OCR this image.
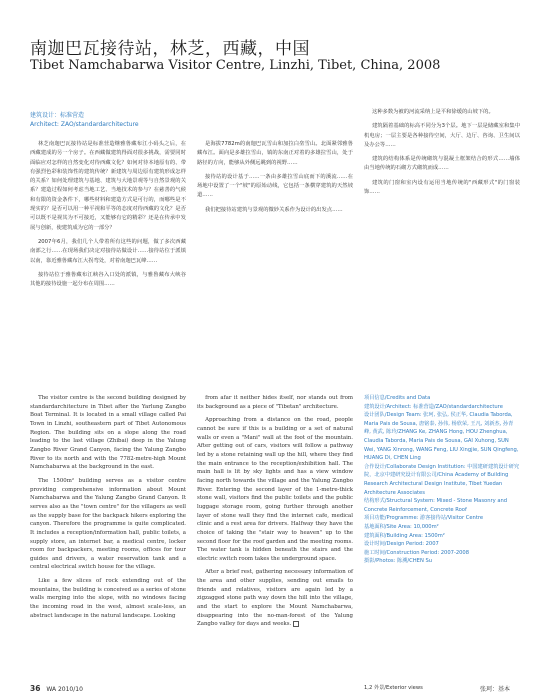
南迦巴瓦接待站，林芝，西藏，中国
Tibet Namchabarwa Visitor Centre, Linzhi, Tibet, China, 2008
建筑设计：标准营造
Architect: ZAO/standardarchitecture

林芝南迦巴瓦接待站是标准营造继雅鲁藏布江小码头之后，在西藏建成的另一个房子。在西藏做建筑得面对很多挑战，需要同时面临应对怎样的自然变化对待西藏文化？如何对待本地原有的、带有强烈色彩和装饰性的建筑传统？新建筑与周边原有建筑形成怎样的关系？如何处理建筑与基地、建筑与大地景观等与自然景观的关系？建造过程如何考虑当地工艺、当地技术的参与？在慈善的气候和有限的资金条件下，哪些材料和建造方式是可行的，而哪些是不现实的？是否可以用一种平视和平等的态度对待西藏的文化？是否可以既不是视其为不可接近，又能够有它的精彩？还是在传承中发展与创新，使建筑成为它的一部分？

2007年6月，我们几个人带着所有这些的问题，做了多次西藏南部之行……在现场我们决定对接待站做设计……接待站位于派镇以南，靠近雅鲁藏布江大拐弯处，对着南迦巴瓦峰……

接待站位于雅鲁藏布江峡谷入口处的派镇，与雅鲁藏布大峡谷其他的接待设施一起分布在周围……

是海拔7782m的南迦巴瓦雪山和加拉白垒雪山。北面紧邻雅鲁藏布江。面向是多雄拉雪山，镇的东南正对着的多雄拉雪山，处于路径的方向，能够从外侧远眺到的视野……

接待站的设计基于……一条由多雄拉雪山底而下的溪流……在场地中设置了一个"坡"的原始动线，它包括一条横穿建筑的天然坡道……

我们把接待站建筑与景观的微妙关系作为设计的出发点……

这种多数为被的河流采纳上是平和徐缓的山坡下的。

建筑隔着基础的标高不同分为3个层。地下一层是储藏室和集中机电房；一层主要是各种接待空间，大厅、边厅、咨询、卫生间以及办公等……

建筑的结构体系是传统砌筑与混凝土框架结合的形式……墙体由当地传统的石砌方式砌筑而成……

建筑的门窗和室内设有运用当地传统的"西藏形式"的门窗装饰……

The visitor centre is the second building designed by standardarchitecture in Tibet after the Yarlung Zangbo Boat Terminal. It is located in a small village called Pai Town in Linzhi, southeastern part of Tibet Autonomous Region. The building sits on a slope along the road leading to the last village (Zhibai) deep in the Yalung Zangbo River Grand Canyon, facing the Yalung Zangbo River to its north and with the 7782-metre-high Mount Namchabarwa at the background in the east.

The 1500m² building serves as a visitor centre providing comprehensive information about Mount Namchabarwa and the Yalung Zangbo Grand Canyon. It serves also as the "town centre" for the villagers as well as the supply base for the backpack hikers exploring the canyon. Therefore the programme is quite complicated. It includes a reception/information hall, public toilets, a supply store, an internet bar, a medical centre, locker room for backpackers, meeting rooms, offices for tour guides and drivers, a water reservation tank and a central electrical switch house for the village.

Like a few slices of rock extending out of the mountains, the building is conceived as a series of stone walls merging into the slope, with no windows facing the incoming road in the west, almost scale-less, an abstract landscape in the natural landscape. Looking

from afar it neither hides itself, nor stands out from its background as a piece of "Tibetan" architecture.

Approaching from a distance on the road, people cannot be sure if this is a building or a set of natural walls or even a "Mani" wall at the foot of the mountain. After getting out of cars, visitors will follow a pathway led by a stone retaining wall up the hill, where they find the main entrance to the reception/exhibition hall. The main hall is lit by sky lights and has a view window facing north towards the village and the Yalung Zangbo River. Entering the second layer of the 1-metre-thick stone wall, visitors find the public toilets and the public luggage storage room, going further through another layer of stone wall they find the internet cafe, medical clinic and a rest area for drivers. Halfway they have the choice of taking the "stair way to heaven" up to the second floor for the roof garden and the meeting rooms. The water tank is hidden beneath the stairs and the electric switch room takes the underground space.

After a brief rest, gathering necessary information of the area and other supplies, sending out emails to friends and relatives, visitors are again led by a zigzagged stone path way down the hill into the village, and the start to explore the Mount Namchabarwa, disappearing into the no-man-forest of the Yalung Zangbo valley for days and weeks.

项目信息/Credits and Data
建筑设计/Architect: 标准营造/ZAO/standardarchitecture
设计团队/Design Team: 张珂, 张弘, 侯正华, Claudia Taborda, Maria Pais de Sousa, 唐铭泰, 孙伟, 杨欣荣, 王凡, 刘新杰, 孙青峰, 黄武, 陈玲/ZHANG Ke, ZHANG Hong, HOU Zhenghua, Claudia Taborda, Maria Pais de Sousa, GAI Xuhong, SUN Wei, YANG Xinrong, WANG Feng, LIU Xingjie, SUN Qingfeng, HUANG Di, CHEN Ling
合作设计/Collaborate Design Institution: 中国建研建筑设计研究院，北京中建研究设计有限公司/China Academy of Building Research Architectural Design Institute, Tibet Yuedan Architecture Associates
结构形式/Structural System: Mixed - Stone Masonry and Concrete Reinforcement, Concrete Roof
项目功能/Programme: 游客接待站/Visitor Centre
基地面积/Site Area: 10,000m²
建筑面积/Building Area: 1500m²
设计时间/Design Period: 2007
施工时间/Construction Period: 2007-2008
摄影/Photos: 陈溯/CHEN Su
1,2 外景/Exterior views
36 WA 2010/10	张珂：基本
